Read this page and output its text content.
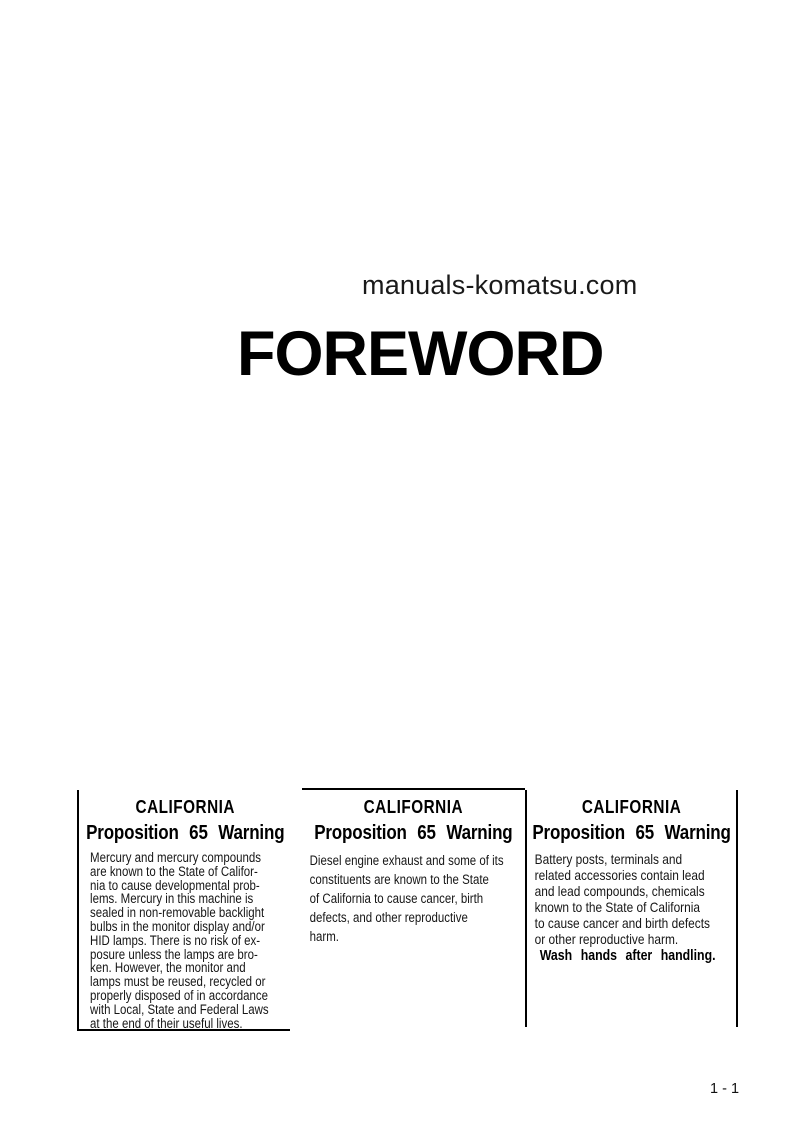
manuals-komatsu.com
FOREWORD
CALIFORNIA
Proposition 65 Warning
Mercury and mercury compounds
are known to the State of Califor-
nia to cause developmental prob-
lems. Mercury in this machine is
sealed in non-removable backlight
bulbs in the monitor display and/or
HID lamps. There is no risk of ex-
posure unless the lamps are bro-
ken. However, the monitor and
lamps must be reused, recycled or
properly disposed of in accordance
with Local, State and Federal Laws
at the end of their useful lives.
CALIFORNIA
Proposition 65 Warning
Diesel engine exhaust and some of its
constituents are known to the State
of California to cause cancer, birth
defects, and other reproductive
harm.
CALIFORNIA
Proposition 65 Warning
Battery posts, terminals and
related accessories contain lead
and lead compounds, chemicals
known to the State of California
to cause cancer and birth defects
or other reproductive harm.
Wash hands after handling.
1 - 1
